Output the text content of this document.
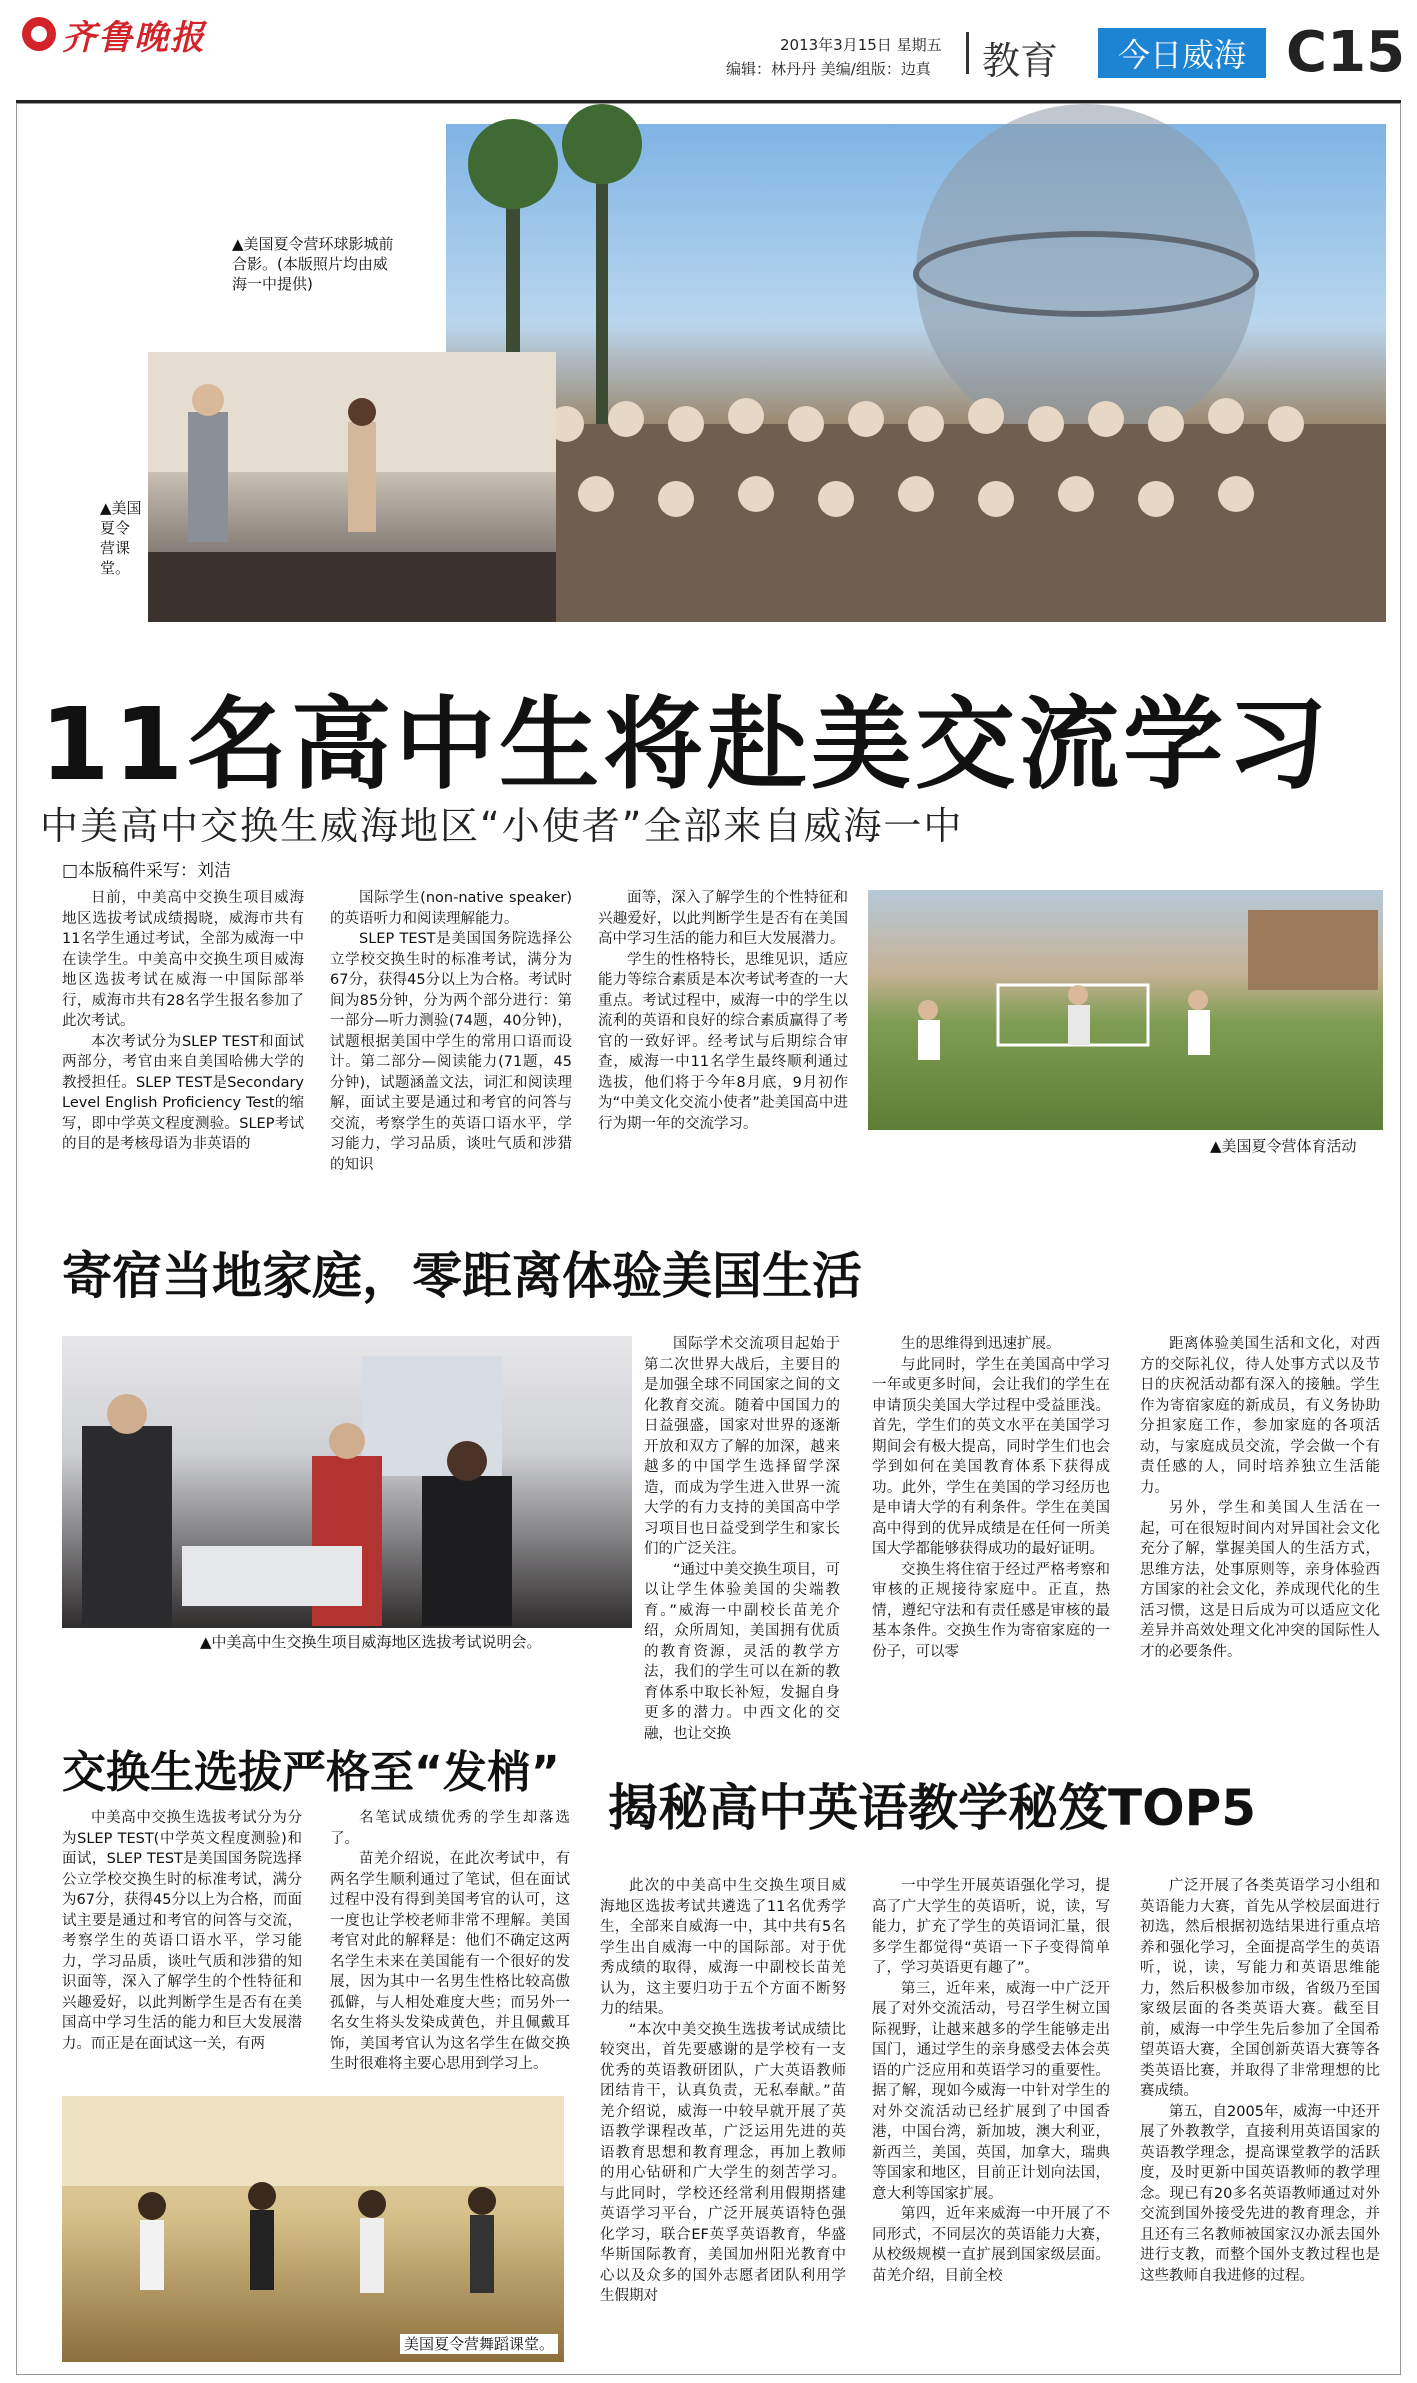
齐鲁晚报	2013年3月15日 星期五
编辑：林丹丹 美编/组版：边真 教育	今日威海 C15
▲美国夏令营环球影城前合影。(本版照片均由威海一中提供)
▲美国夏令营课堂。
11名高中生将赴美交流学习
中美高中交换生威海地区“小使者”全部来自威海一中
□本版稿件采写：刘洁

日前，中美高中交换生项目威海地区选拔考试成绩揭晓，威海市共有11名学生通过考试，全部为威海一中在读学生。中美高中交换生项目威海地区选拔考试在威海一中国际部举行，威海市共有28名学生报名参加了此次考试。

本次考试分为SLEP TEST和面试两部分，考官由来自美国哈佛大学的教授担任。SLEP TEST是Secondary Level English Proficiency Test的缩写，即中学英文程度测验。SLEP考试的目的是考核母语为非英语的

国际学生(non-native speaker)的英语听力和阅读理解能力。

SLEP TEST是美国国务院选择公立学校交换生时的标准考试，满分为67分，获得45分以上为合格。考试时间为85分钟，分为两个部分进行：第一部分—听力测验(74题，40分钟)，试题根据美国中学生的常用口语而设计。第二部分—阅读能力(71题，45分钟)，试题涵盖文法，词汇和阅读理解，面试主要是通过和考官的问答与交流，考察学生的英语口语水平，学习能力，学习品质，谈吐气质和涉猎的知识

面等，深入了解学生的个性特征和兴趣爱好，以此判断学生是否有在美国高中学习生活的能力和巨大发展潜力。

学生的性格特长，思维见识，适应能力等综合素质是本次考试考查的一大重点。考试过程中，威海一中的学生以流利的英语和良好的综合素质赢得了考官的一致好评。经考试与后期综合审查，威海一中11名学生最终顺利通过选拔，他们将于今年8月底，9月初作为“中美文化交流小使者”赴美国高中进行为期一年的交流学习。

▲美国夏令营体育活动
寄宿当地家庭，零距离体验美国生活
▲中美高中生交换生项目威海地区选拔考试说明会。

国际学术交流项目起始于第二次世界大战后，主要目的是加强全球不同国家之间的文化教育交流。随着中国国力的日益强盛，国家对世界的逐渐开放和双方了解的加深，越来越多的中国学生选择留学深造，而成为学生进入世界一流大学的有力支持的美国高中学习项目也日益受到学生和家长们的广泛关注。

“通过中美交换生项目，可以让学生体验美国的尖端教育。”威海一中副校长苗羌介绍，众所周知，美国拥有优质的教育资源，灵活的教学方法，我们的学生可以在新的教育体系中取长补短，发掘自身更多的潜力。中西文化的交融，也让交换

生的思维得到迅速扩展。

与此同时，学生在美国高中学习一年或更多时间，会让我们的学生在申请顶尖美国大学过程中受益匪浅。首先，学生们的英文水平在美国学习期间会有极大提高，同时学生们也会学到如何在美国教育体系下获得成功。此外，学生在美国的学习经历也是申请大学的有利条件。学生在美国高中得到的优异成绩是在任何一所美国大学都能够获得成功的最好证明。

交换生将住宿于经过严格考察和审核的正规接待家庭中。正直，热情，遵纪守法和有责任感是审核的最基本条件。交换生作为寄宿家庭的一份子，可以零

距离体验美国生活和文化，对西方的交际礼仪，待人处事方式以及节日的庆祝活动都有深入的接触。学生作为寄宿家庭的新成员，有义务协助分担家庭工作，参加家庭的各项活动，与家庭成员交流，学会做一个有责任感的人，同时培养独立生活能力。

另外，学生和美国人生活在一起，可在很短时间内对异国社会文化充分了解，掌握美国人的生活方式，思维方法，处事原则等，亲身体验西方国家的社会文化，养成现代化的生活习惯，这是日后成为可以适应文化差异并高效处理文化冲突的国际性人才的必要条件。

交换生选拔严格至“发梢”

中美高中交换生选拔考试分为分为SLEP TEST(中学英文程度测验)和面试，SLEP TEST是美国国务院选择公立学校交换生时的标准考试，满分为67分，获得45分以上为合格，而面试主要是通过和考官的问答与交流，考察学生的英语口语水平，学习能力，学习品质，谈吐气质和涉猎的知识面等，深入了解学生的个性特征和兴趣爱好，以此判断学生是否有在美国高中学习生活的能力和巨大发展潜力。而正是在面试这一关，有两

名笔试成绩优秀的学生却落选了。

苗羌介绍说，在此次考试中，有两名学生顺利通过了笔试，但在面试过程中没有得到美国考官的认可，这一度也让学校老师非常不理解。美国考官对此的解释是：他们不确定这两名学生未来在美国能有一个很好的发展，因为其中一名男生性格比较高傲孤僻，与人相处难度大些；而另外一名女生将头发染成黄色，并且佩戴耳饰，美国考官认为这名学生在做交换生时很难将主要心思用到学习上。

美国夏令营舞蹈课堂。
揭秘高中英语教学秘笈TOP5

此次的中美高中生交换生项目威海地区选拔考试共遴选了11名优秀学生，全部来自威海一中，其中共有5名学生出自威海一中的国际部。对于优秀成绩的取得，威海一中副校长苗羌认为，这主要归功于五个方面不断努力的结果。

“本次中美交换生选拔考试成绩比较突出，首先要感谢的是学校有一支优秀的英语教研团队，广大英语教师团结肯干，认真负责，无私奉献。”苗羌介绍说，威海一中较早就开展了英语教学课程改革，广泛运用先进的英语教育思想和教育理念，再加上教师的用心钻研和广大学生的刻苦学习。与此同时，学校还经常利用假期搭建英语学习平台，广泛开展英语特色强化学习，联合EF英孚英语教育，华盛华斯国际教育，美国加州阳光教育中心以及众多的国外志愿者团队利用学生假期对

一中学生开展英语强化学习，提高了广大学生的英语听，说，读，写能力，扩充了学生的英语词汇量，很多学生都觉得“英语一下子变得简单了，学习英语更有趣了”。

第三，近年来，威海一中广泛开展了对外交流活动，号召学生树立国际视野，让越来越多的学生能够走出国门，通过学生的亲身感受去体会英语的广泛应用和英语学习的重要性。据了解，现如今威海一中针对学生的对外交流活动已经扩展到了中国香港，中国台湾，新加坡，澳大利亚，新西兰，美国，英国，加拿大，瑞典等国家和地区，目前正计划向法国，意大利等国家扩展。

第四，近年来威海一中开展了不同形式，不同层次的英语能力大赛，从校级规模一直扩展到国家级层面。苗羌介绍，目前全校

广泛开展了各类英语学习小组和英语能力大赛，首先从学校层面进行初选，然后根据初选结果进行重点培养和强化学习，全面提高学生的英语听，说，读，写能力和英语思维能力，然后积极参加市级，省级乃至国家级层面的各类英语大赛。截至目前，威海一中学生先后参加了全国希望英语大赛，全国创新英语大赛等各类英语比赛，并取得了非常理想的比赛成绩。

第五，自2005年，威海一中还开展了外教教学，直接利用英语国家的英语教学理念，提高课堂教学的活跃度，及时更新中国英语教师的教学理念。现已有20多名英语教师通过对外交流到国外接受先进的教育理念，并且还有三名教师被国家汉办派去国外进行支教，而整个国外支教过程也是这些教师自我进修的过程。
